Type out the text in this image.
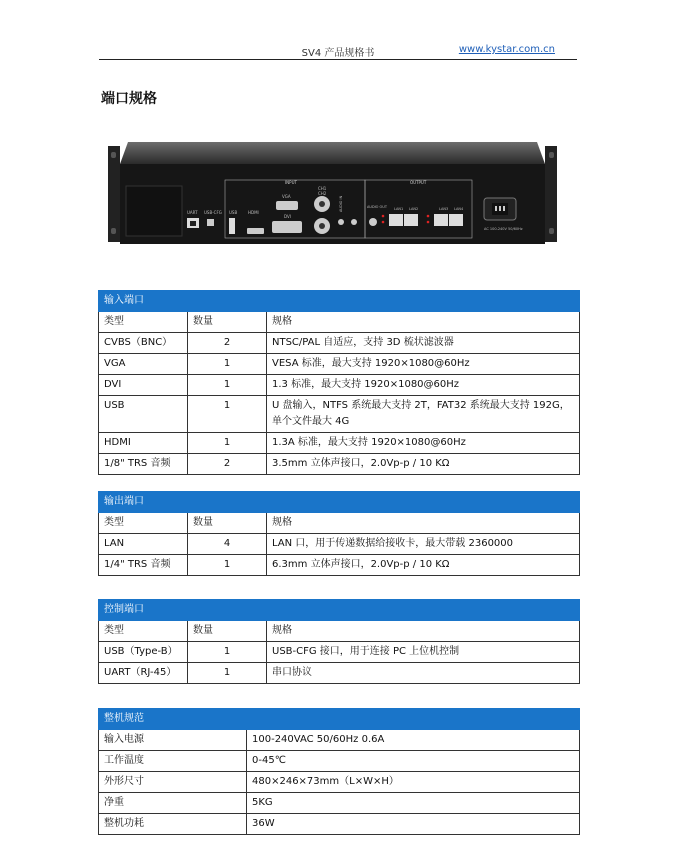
SV4 产品规格书	www.kystar.com.cn
端口规格
UART USB-CFG
INPUT
USB	HDMI
VGA
DVI
CH1
CH2
AUDIO IN
OUTPUT
AUDIO OUT LAN1 LAN2	LAN3 LAN4
AC 100-240V 50/60Hz
输入端口		
类型	数量	规格
CVBS（BNC）	2	NTSC/PAL 自适应，支持 3D 梳状滤波器
VGA	1	VESA 标准，最大支持 1920×1080@60Hz
DVI	1	1.3 标准，最大支持 1920×1080@60Hz
USB	1	U 盘输入，NTFS 系统最大支持 2T，FAT32 系统最大支持 192G，单个文件最大 4G
HDMI	1	1.3A 标准，最大支持 1920×1080@60Hz
1/8" TRS 音频	2	3.5mm 立体声接口，2.0Vp-p / 10 KΩ
输出端口		
类型	数量	规格
LAN	4	LAN 口，用于传递数据给接收卡，最大带载 2360000
1/4" TRS 音频	1	6.3mm 立体声接口，2.0Vp-p / 10 KΩ
控制端口		
类型	数量	规格
USB（Type-B）	1	USB-CFG 接口，用于连接 PC 上位机控制
UART（RJ-45）	1	串口协议
整机规范	
输入电源	100-240VAC 50/60Hz 0.6A
工作温度	0-45℃
外形尺寸	480×246×73mm（L×W×H）
净重	5KG
整机功耗	36W
